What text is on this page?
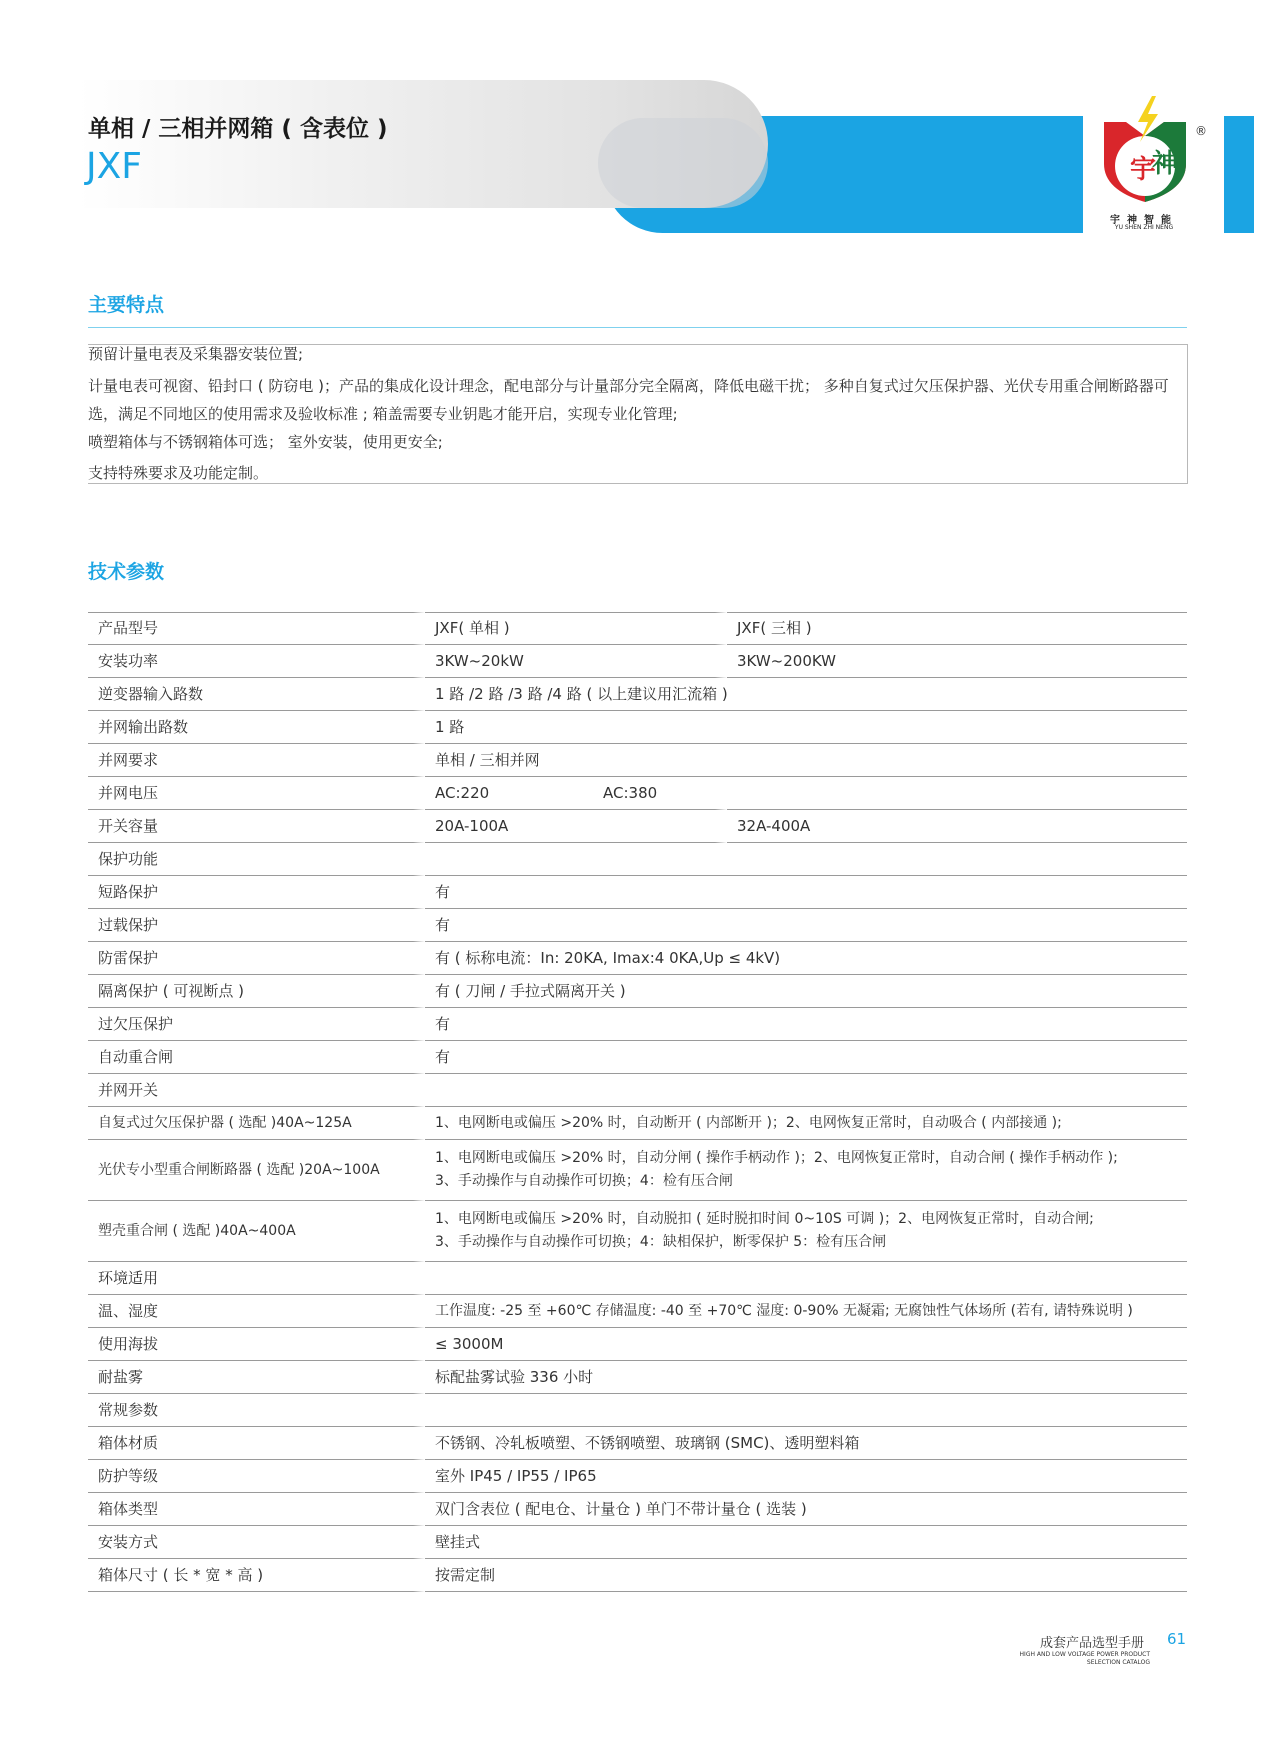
单相 / 三相并网箱 ( 含表位 )
JXF	宇
神
宇神智能
YU SHEN ZHI NENG
®
主要特点
预留计量电表及采集器安装位置;
计量电表可视窗、铅封口 ( 防窃电 )；产品的集成化设计理念，配电部分与计量部分完全隔离，降低电磁干扰； 多种自复式过欠压保护器、光伏专用重合闸断路器可选，满足不同地区的使用需求及验收标准 ; 箱盖需要专业钥匙才能开启，实现专业化管理;
喷塑箱体与不锈钢箱体可选； 室外安装，使用更安全;
支持特殊要求及功能定制。
技术参数
产品型号	JXF( 单相 )	JXF( 三相 )
安装功率	3KW~20kW	3KW~200KW
逆变器输入路数	1 路 /2 路 /3 路 /4 路 ( 以上建议用汇流箱 )	
并网输出路数	1 路	
并网要求	单相 / 三相并网	
并网电压	AC:220 AC:380	
开关容量	20A-100A	32A-400A
保护功能		
短路保护	有	
过载保护	有	
防雷保护	有 ( 标称电流：In: 20KA, Imax:4 0KA,Up ≤ 4kV)	
隔离保护 ( 可视断点 )	有 ( 刀闸 / 手拉式隔离开关 )	
过欠压保护	有	
自动重合闸	有	
并网开关		
自复式过欠压保护器 ( 选配 )40A~125A	1、电网断电或偏压 >20% 时，自动断开 ( 内部断开 )；2、电网恢复正常时，自动吸合 ( 内部接通 );	
光伏专小型重合闸断路器 ( 选配 )20A~100A	1、电网断电或偏压 >20% 时，自动分闸 ( 操作手柄动作 )；2、电网恢复正常时，自动合闸 ( 操作手柄动作 );
3、手动操作与自动操作可切换；4：检有压合闸	

塑壳重合闸 ( 选配 )40A~400A	1、电网断电或偏压 >20% 时，自动脱扣 ( 延时脱扣时间 0~10S 可调 )；2、电网恢复正常时，自动合闸;
3、手动操作与自动操作可切换；4：缺相保护，断零保护 5：检有压合闸	

环境适用		
温、湿度	工作温度: -25 至 +60℃ 存储温度: -40 至 +70℃ 湿度: 0-90% 无凝霜; 无腐蚀性气体场所 (若有, 请特殊说明 )	
使用海拔	≤ 3000M	
耐盐雾	标配盐雾试验 336 小时	
常规参数		
箱体材质	不锈钢、冷轧板喷塑、不锈钢喷塑、玻璃钢 (SMC)、透明塑料箱	
防护等级	室外 IP45 / IP55 / IP65	
箱体类型	双门含表位 ( 配电仓、计量仓 ) 单门不带计量仓 ( 选装 )	
安装方式	壁挂式	
箱体尺寸 ( 长 * 宽 * 高 )	按需定制	
成套产品选型手册
HIGH AND LOW VOLTAGE POWER PRODUCT
SELECTION CATALOG
61
